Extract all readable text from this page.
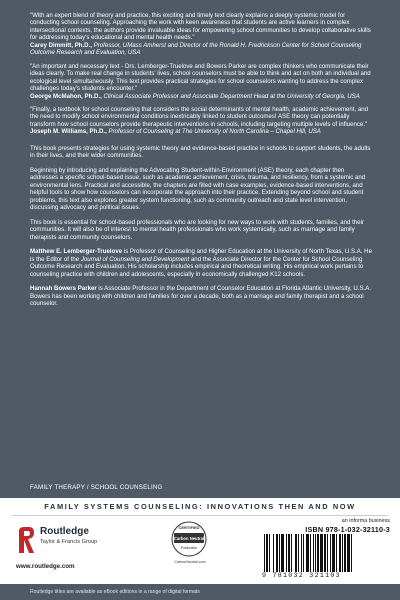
"With an expert blend of theory and practice, this exciting and timely text clearly explains a deeply systemic model for conducting school counseling. Approaching the work with keen awareness that students are active learners in complex intersectional contexts, the authors provide invaluable ideas for empowering school communities to develop collaborative skills for addressing today's educational and mental health needs."

Carey Dimmitt, Ph.D., Professor, UMass Amherst and Director of the Ronald H. Fredrickson Center for School Counseling Outcome Research and Evaluation, USA

"An important and necessary text - Drs. Lemberger-Truelove and Bowers Parker are complex thinkers who communicate their ideas clearly. To make real change in students' lives, school counselors must be able to think and act on both an individual and ecological level simultaneously. This text provides practical strategies for school counselors wanting to address the complex challenges today's students encounter."

George McMahon, Ph.D., Clinical Associate Professor and Associate Department Head at the University of Georgia, USA

"Finally, a textbook for school counseling that considers the social determinants of mental health, academic achievement, and the need to modify school environmental conditions inextricably linked to student outcomes! ASE theory can potentially transform how school counselors provide therapeutic interventions in schools, including targeting multiple levels of influence."

Joseph M. Williams, Ph.D., Professor of Counseling at The University of North Carolina – Chapel Hill, USA

This book presents strategies for using systemic theory and evidence-based practice in schools to support students, the adults in their lives, and their wider communities.

Beginning by introducing and explaining the Advocating Student-within-Environment (ASE) theory, each chapter then addresses a specific school-based issue, such as academic achievement, crisis, trauma, and resiliency, from a systemic and environmental lens. Practical and accessible, the chapters are filled with case examples, evidence-based interventions, and helpful tools to show how counselors can incorporate the approach into their practice. Extending beyond school and student problems, this text also explores greater system functioning, such as community outreach and state level intervention, discussing advocacy and political issues.

This book is essential for school-based professionals who are looking for new ways to work with students, families, and their communities. It will also be of interest to mental health professionals who work systemically, such as marriage and family therapists and community counselors.

Matthew E. Lemberger-Truelove is Professor of Counseling and Higher Education at the University of North Texas, U.S.A. He is the Editor of the Journal of Counseling and Development and the Associate Director for the Center for School Counseling Outcome Research and Evaluation. His scholarship includes empirical and theoretical writing. His empirical work pertains to counseling practice with children and adolescents, especially in economically challenged K12 schools.

Hannah Bowers Parker is Associate Professor in the Department of Counselor Education at Florida Atlantic University, U.S.A. Bowers has been working with children and families for over a decade, both as a marriage and family therapist and a school counselor.

FAMILY THERAPY / SCHOOL COUNSELING
FAMILY SYSTEMS COUNSELING: INNOVATIONS THEN AND NOW
Routledge
Taylor & Francis Group
www.routledge.com
CERTIFIED
Carbon Neutral
Publication
CarbonNeutral.com
an informa business
ISBN 978-1-032-32110-3
9 781032 321103
Routledge titles are available as eBook editions in a range of digital formats
